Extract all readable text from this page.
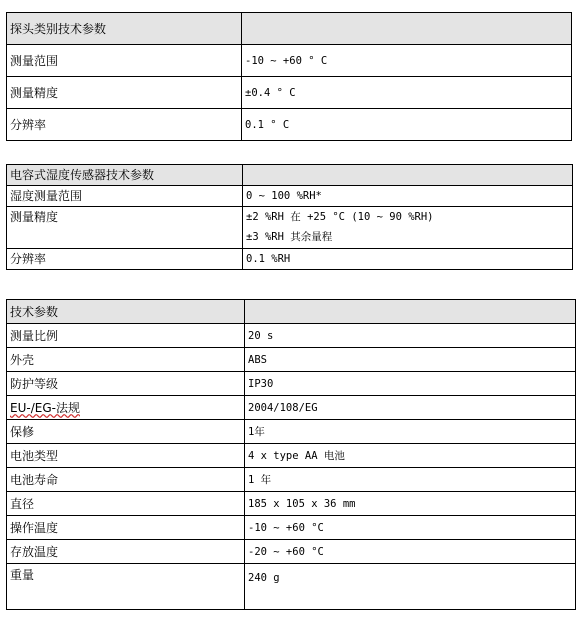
探头类别技术参数	
测量范围	-10 ~ +60 ° C
测量精度	±0.4 ° C
分辨率	0.1 ° C
电容式湿度传感器技术参数	
湿度测量范围	0 ~ 100 %RH*
测量精度	±2 %RH 在 +25 °C (10 ~ 90 %RH)
±3 %RH 其余量程

分辨率	0.1 %RH
技术参数	
测量比例	20 s
外壳	ABS
防护等级	IP30
EU-/EG-法规	2004/108/EG
保修	1年
电池类型	4 x type AA 电池
电池寿命	1 年
直径	185 x 105 x 36 mm
操作温度	-10 ~ +60 °C
存放温度	-20 ~ +60 °C
重量	240 g
